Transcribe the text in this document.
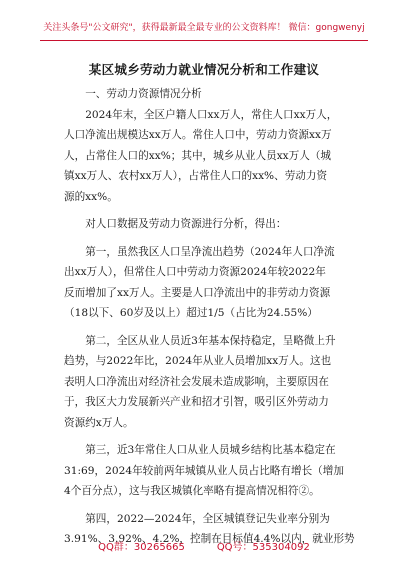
关注头条号"公文研究"，获得最新最全最专业的公文资料库！ 微信：gongwenyj
某区城乡劳动力就业情况分析和工作建议

一、劳动力资源情况分析

2024年末，全区户籍人口xx万人，常住人口xx万人，
人口净流出规模达xx万人。常住人口中，劳动力资源xx万
人，占常住人口的xx%；其中，城乡从业人员xx万人（城
镇xx万人、农村xx万人），占常住人口的xx%、劳动力资
源的xx%。

对人口数据及劳动力资源进行分析，得出：

第一，虽然我区人口呈净流出趋势（2024年人口净流
出xx万人），但常住人口中劳动力资源2024年较2022年
反而增加了xx万人。主要是人口净流出中的非劳动力资源
（18以下、60岁及以上）超过1/5（占比为24.55%）

第二，全区从业人员近3年基本保持稳定，呈略微上升
趋势，与2022年比，2024年从业人员增加xx万人。这也
表明人口净流出对经济社会发展未造成影响，主要原因在
于，我区大力发展新兴产业和招才引智，吸引区外劳动力
资源约x万人。

第三，近3年常住人口从业人员城乡结构比基本稳定在
31:69，2024年较前两年城镇从业人员占比略有增长（增加
4个百分点），这与我区城镇化率略有提高情况相符②。

第四，2022—2024年，全区城镇登记失业率分别为
3.91%、3.92%、4.2%，控制在目标值4.4%以内，就业形势

QQ群：30265665	QQ号：535304092
